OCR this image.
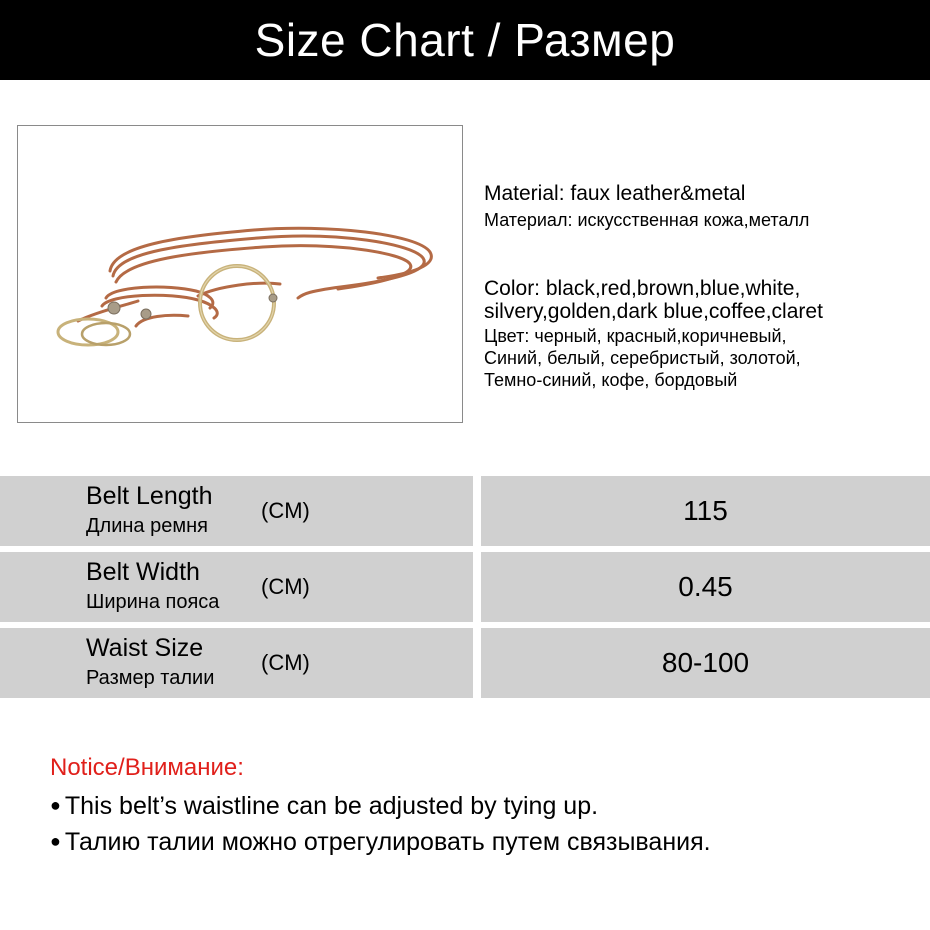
Size Chart / Размер
Material: faux leather&metal
Материал: искусственная кожа,металл
Color: black,red,brown,blue,white,
silvery,golden,dark blue,coffee,claret
Цвет: черный, красный,коричневый,
Синий, белый, серебристый, золотой,
Темно-синий, кофе, бордовый
Belt Length
Длина ремня
(CM)	115
Belt Width
Ширина пояса
(CM)	0.45
Waist Size
Размер талии
(CM)	80-100
Notice/Внимание:
● This belt’s waistline can be adjusted by tying up.
● Талию талии можно отрегулировать путем связывания.
